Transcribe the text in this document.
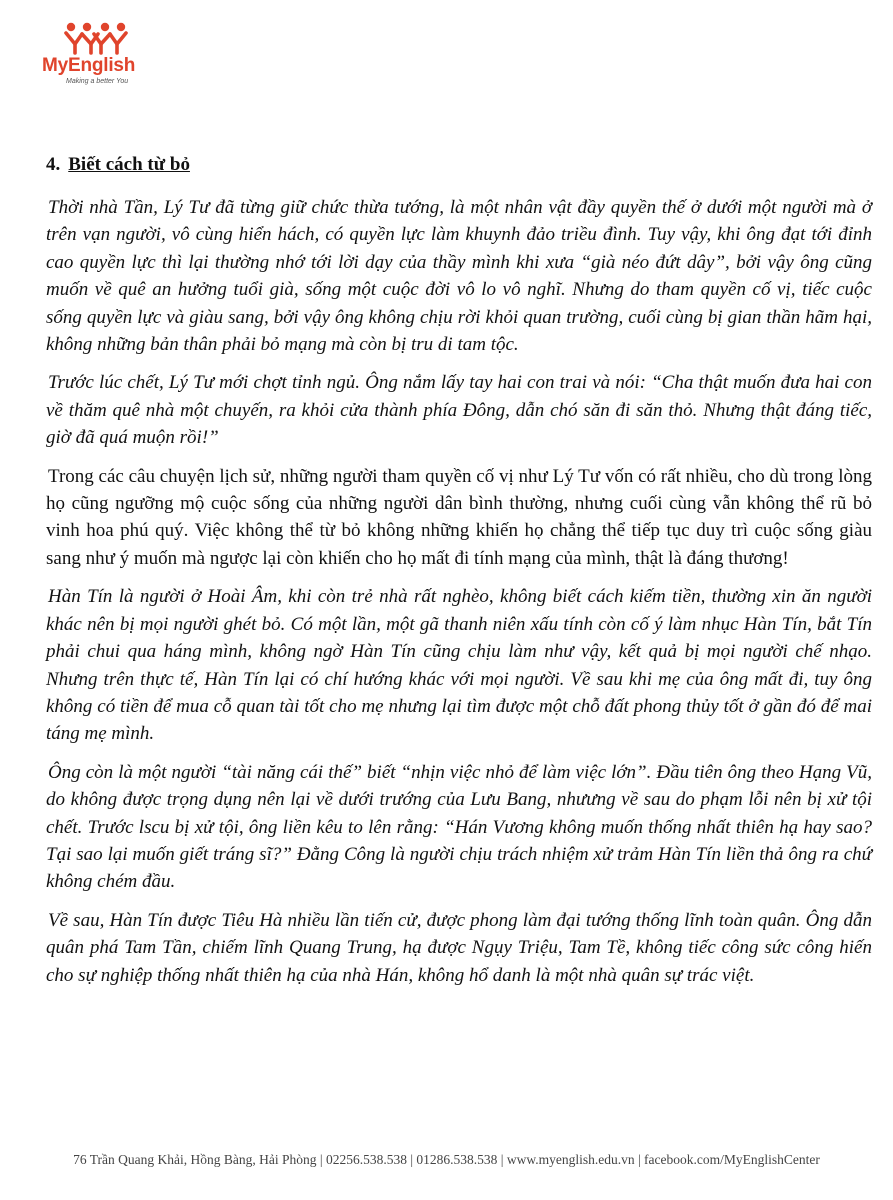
MyEnglish
Making a better You
4. Biết cách từ bỏ

Thời nhà Tần, Lý Tư đã từng giữ chức thừa tướng, là một nhân vật đầy quyền thế ở dưới một người mà ở trên vạn người, vô cùng hiển hách, có quyền lực làm khuynh đảo triều đình. Tuy vậy, khi ông đạt tới đỉnh cao quyền lực thì lại thường nhớ tới lời dạy của thầy mình khi xưa “già néo đứt dây”, bởi vậy ông cũng muốn về quê an hưởng tuổi già, sống một cuộc đời vô lo vô nghĩ. Nhưng do tham quyền cố vị, tiếc cuộc sống quyền lực và giàu sang, bởi vậy ông không chịu rời khỏi quan trường, cuối cùng bị gian thần hãm hại, không những bản thân phải bỏ mạng mà còn bị tru di tam tộc.

Trước lúc chết, Lý Tư mới chợt tỉnh ngủ. Ông nắm lấy tay hai con trai và nói: “Cha thật muốn đưa hai con về thăm quê nhà một chuyến, ra khỏi cửa thành phía Đông, dẫn chó săn đi săn thỏ. Nhưng thật đáng tiếc, giờ đã quá muộn rồi!”

Trong các câu chuyện lịch sử, những người tham quyền cố vị như Lý Tư vốn có rất nhiều, cho dù trong lòng họ cũng ngưỡng mộ cuộc sống của những người dân bình thường, nhưng cuối cùng vẫn không thể rũ bỏ vinh hoa phú quý. Việc không thể từ bỏ không những khiến họ chẳng thể tiếp tục duy trì cuộc sống giàu sang như ý muốn mà ngược lại còn khiến cho họ mất đi tính mạng của mình, thật là đáng thương!

Hàn Tín là người ở Hoài Âm, khi còn trẻ nhà rất nghèo, không biết cách kiếm tiền, thường xin ăn người khác nên bị mọi người ghét bỏ. Có một lần, một gã thanh niên xấu tính còn cố ý làm nhục Hàn Tín, bắt Tín phải chui qua háng mình, không ngờ Hàn Tín cũng chịu làm như vậy, kết quả bị mọi người chế nhạo. Nhưng trên thực tế, Hàn Tín lại có chí hướng khác với mọi người. Về sau khi mẹ của ông mất đi, tuy ông không có tiền để mua cỗ quan tài tốt cho mẹ nhưng lại tìm được một chỗ đất phong thủy tốt ở gần đó để mai táng mẹ mình.

Ông còn là một người “tài năng cái thế” biết “nhịn việc nhỏ để làm việc lớn”. Đầu tiên ông theo Hạng Vũ, do không được trọng dụng nên lại về dưới trướng của Lưu Bang, nhưưng về sau do phạm lỗi nên bị xử tội chết. Trước lscu bị xử tội, ông liền kêu to lên rằng: “Hán Vương không muốn thống nhất thiên hạ hay sao? Tại sao lại muốn giết tráng sĩ?” Đằng Công là người chịu trách nhiệm xử trảm Hàn Tín liền thả ông ra chứ không chém đầu.

Về sau, Hàn Tín được Tiêu Hà nhiều lần tiến cử, được phong làm đại tướng thống lĩnh toàn quân. Ông dẫn quân phá Tam Tần, chiếm lĩnh Quang Trung, hạ được Ngụy Triệu, Tam Tề, không tiếc công sức công hiến cho sự nghiệp thống nhất thiên hạ của nhà Hán, không hổ danh là một nhà quân sự trác việt.

76 Trần Quang Khải, Hồng Bàng, Hải Phòng | 02256.538.538 | 01286.538.538 | www.myenglish.edu.vn | facebook.com/MyEnglishCenter
